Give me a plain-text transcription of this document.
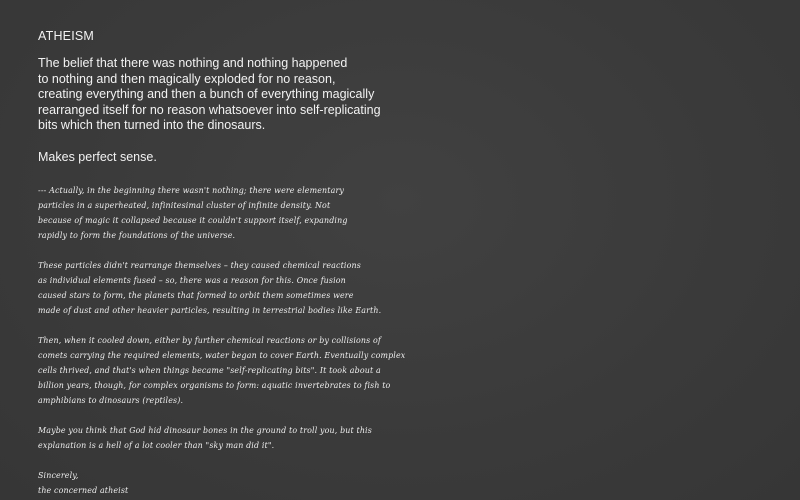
ATHEISM
The belief that there was nothing and nothing happened
to nothing and then magically exploded for no reason,
creating everything and then a bunch of everything magically
rearranged itself for no reason whatsoever into self-replicating
bits which then turned into the dinosaurs.
Makes perfect sense.
--- Actually, in the beginning there wasn't nothing; there were elementary
particles in a superheated, infinitesimal cluster of infinite density. Not
because of magic it collapsed because it couldn't support itself, expanding
rapidly to form the foundations of the universe.
These particles didn't rearrange themselves – they caused chemical reactions
as individual elements fused – so, there was a reason for this. Once fusion
caused stars to form, the planets that formed to orbit them sometimes were
made of dust and other heavier particles, resulting in terrestrial bodies like Earth.
Then, when it cooled down, either by further chemical reactions or by collisions of
comets carrying the required elements, water began to cover Earth. Eventually complex
cells thrived, and that's when things became "self-replicating bits". It took about a
billion years, though, for complex organisms to form: aquatic invertebrates to fish to
amphibians to dinosaurs (reptiles).
Maybe you think that God hid dinosaur bones in the ground to troll you, but this
explanation is a hell of a lot cooler than "sky man did it".
Sincerely,
the concerned atheist
